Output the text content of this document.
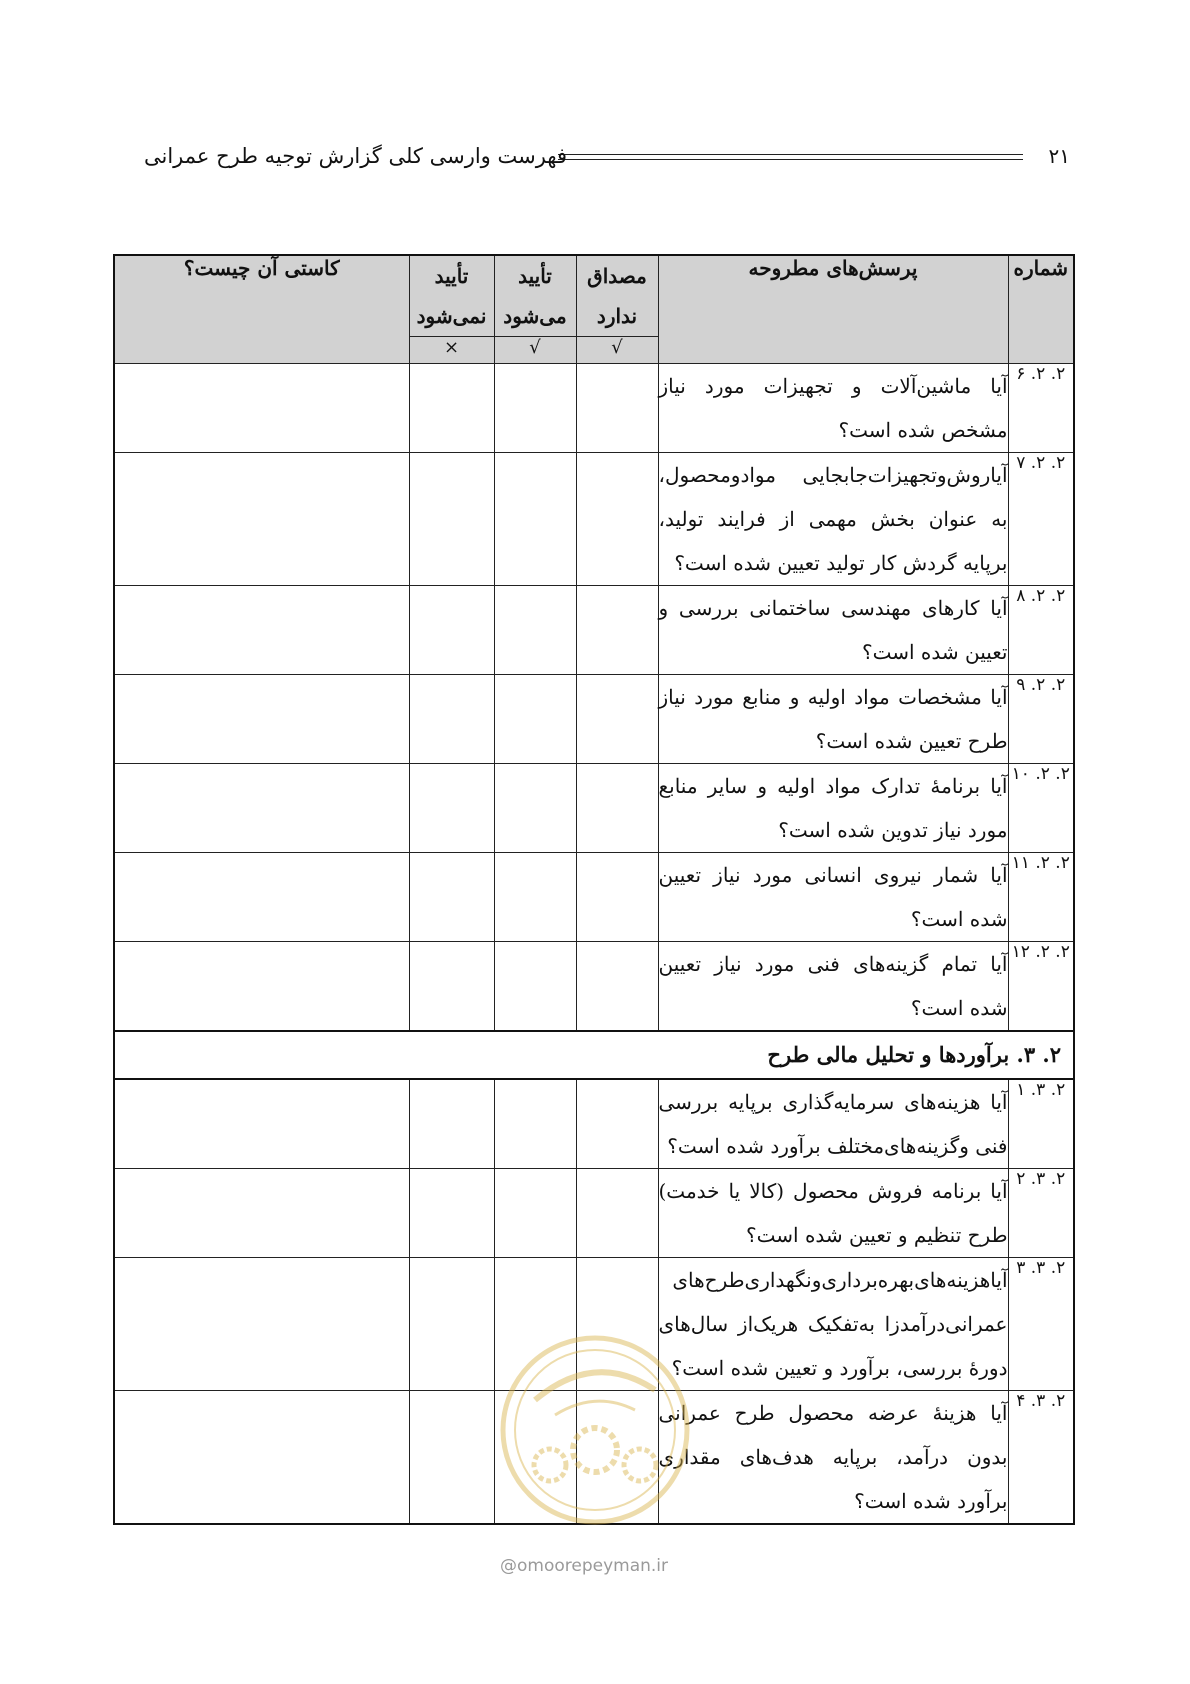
۲۱
فهرست وارسی کلی گزارش توجیه طرح عمرانی
شماره	پرسش‌های مطروحه	مصداق ندارد	تأیید می‌شود	تأیید نمی‌شود	کاستی آن چیست؟
		√	√	×	
۲. ۲. ۶	آیا ماشین‌آلات و تجهیزات مورد نیاز مشخص شده است؟				
۲. ۲. ۷	آیاروش‌وتجهیزات‌جابجایی موادومحصول، به عنوان بخش مهمی از فرایند تولید، برپایه گردش کار تولید تعیین شده است؟				
۲. ۲. ۸	آیا کارهای مهندسی ساختمانی بررسی و تعیین شده است؟				
۲. ۲. ۹	آیا مشخصات مواد اولیه و منابع مورد نیاز طرح تعیین شده است؟				
۲. ۲. ۱۰	آیا برنامۀ تدارک مواد اولیه و سایر منابع مورد نیاز تدوین شده است؟				
۲. ۲. ۱۱	آیا شمار نیروی انسانی مورد نیاز تعیین شده است؟				
۲. ۲. ۱۲	آیا تمام گزینه‌های فنی مورد نیاز تعیین شده است؟				
۲. ۳. برآوردها و تحلیل مالی طرح					
۲. ۳. ۱	آیا هزینه‌های سرمایه‌گذاری برپایه بررسی فنی وگزینه‌های‌مختلف برآورد شده است؟				
۲. ۳. ۲	آیا برنامه فروش محصول (کالا یا خدمت) طرح تنظیم و تعیین شده است؟				
۲. ۳. ۳	آیاهزینه‌های‌بهره‌برداری‌ونگهداری‌طرح‌های عمرانی‌درآمدزا به‌تفکیک هریک‌از سال‌های دورۀ بررسی، برآورد و تعیین شده است؟				
۲. ۳. ۴	آیا هزینۀ عرضه محصول طرح عمرانی بدون درآمد، برپایه هدف‌های مقداری برآورد شده است؟				
@omoorepeyman.ir
